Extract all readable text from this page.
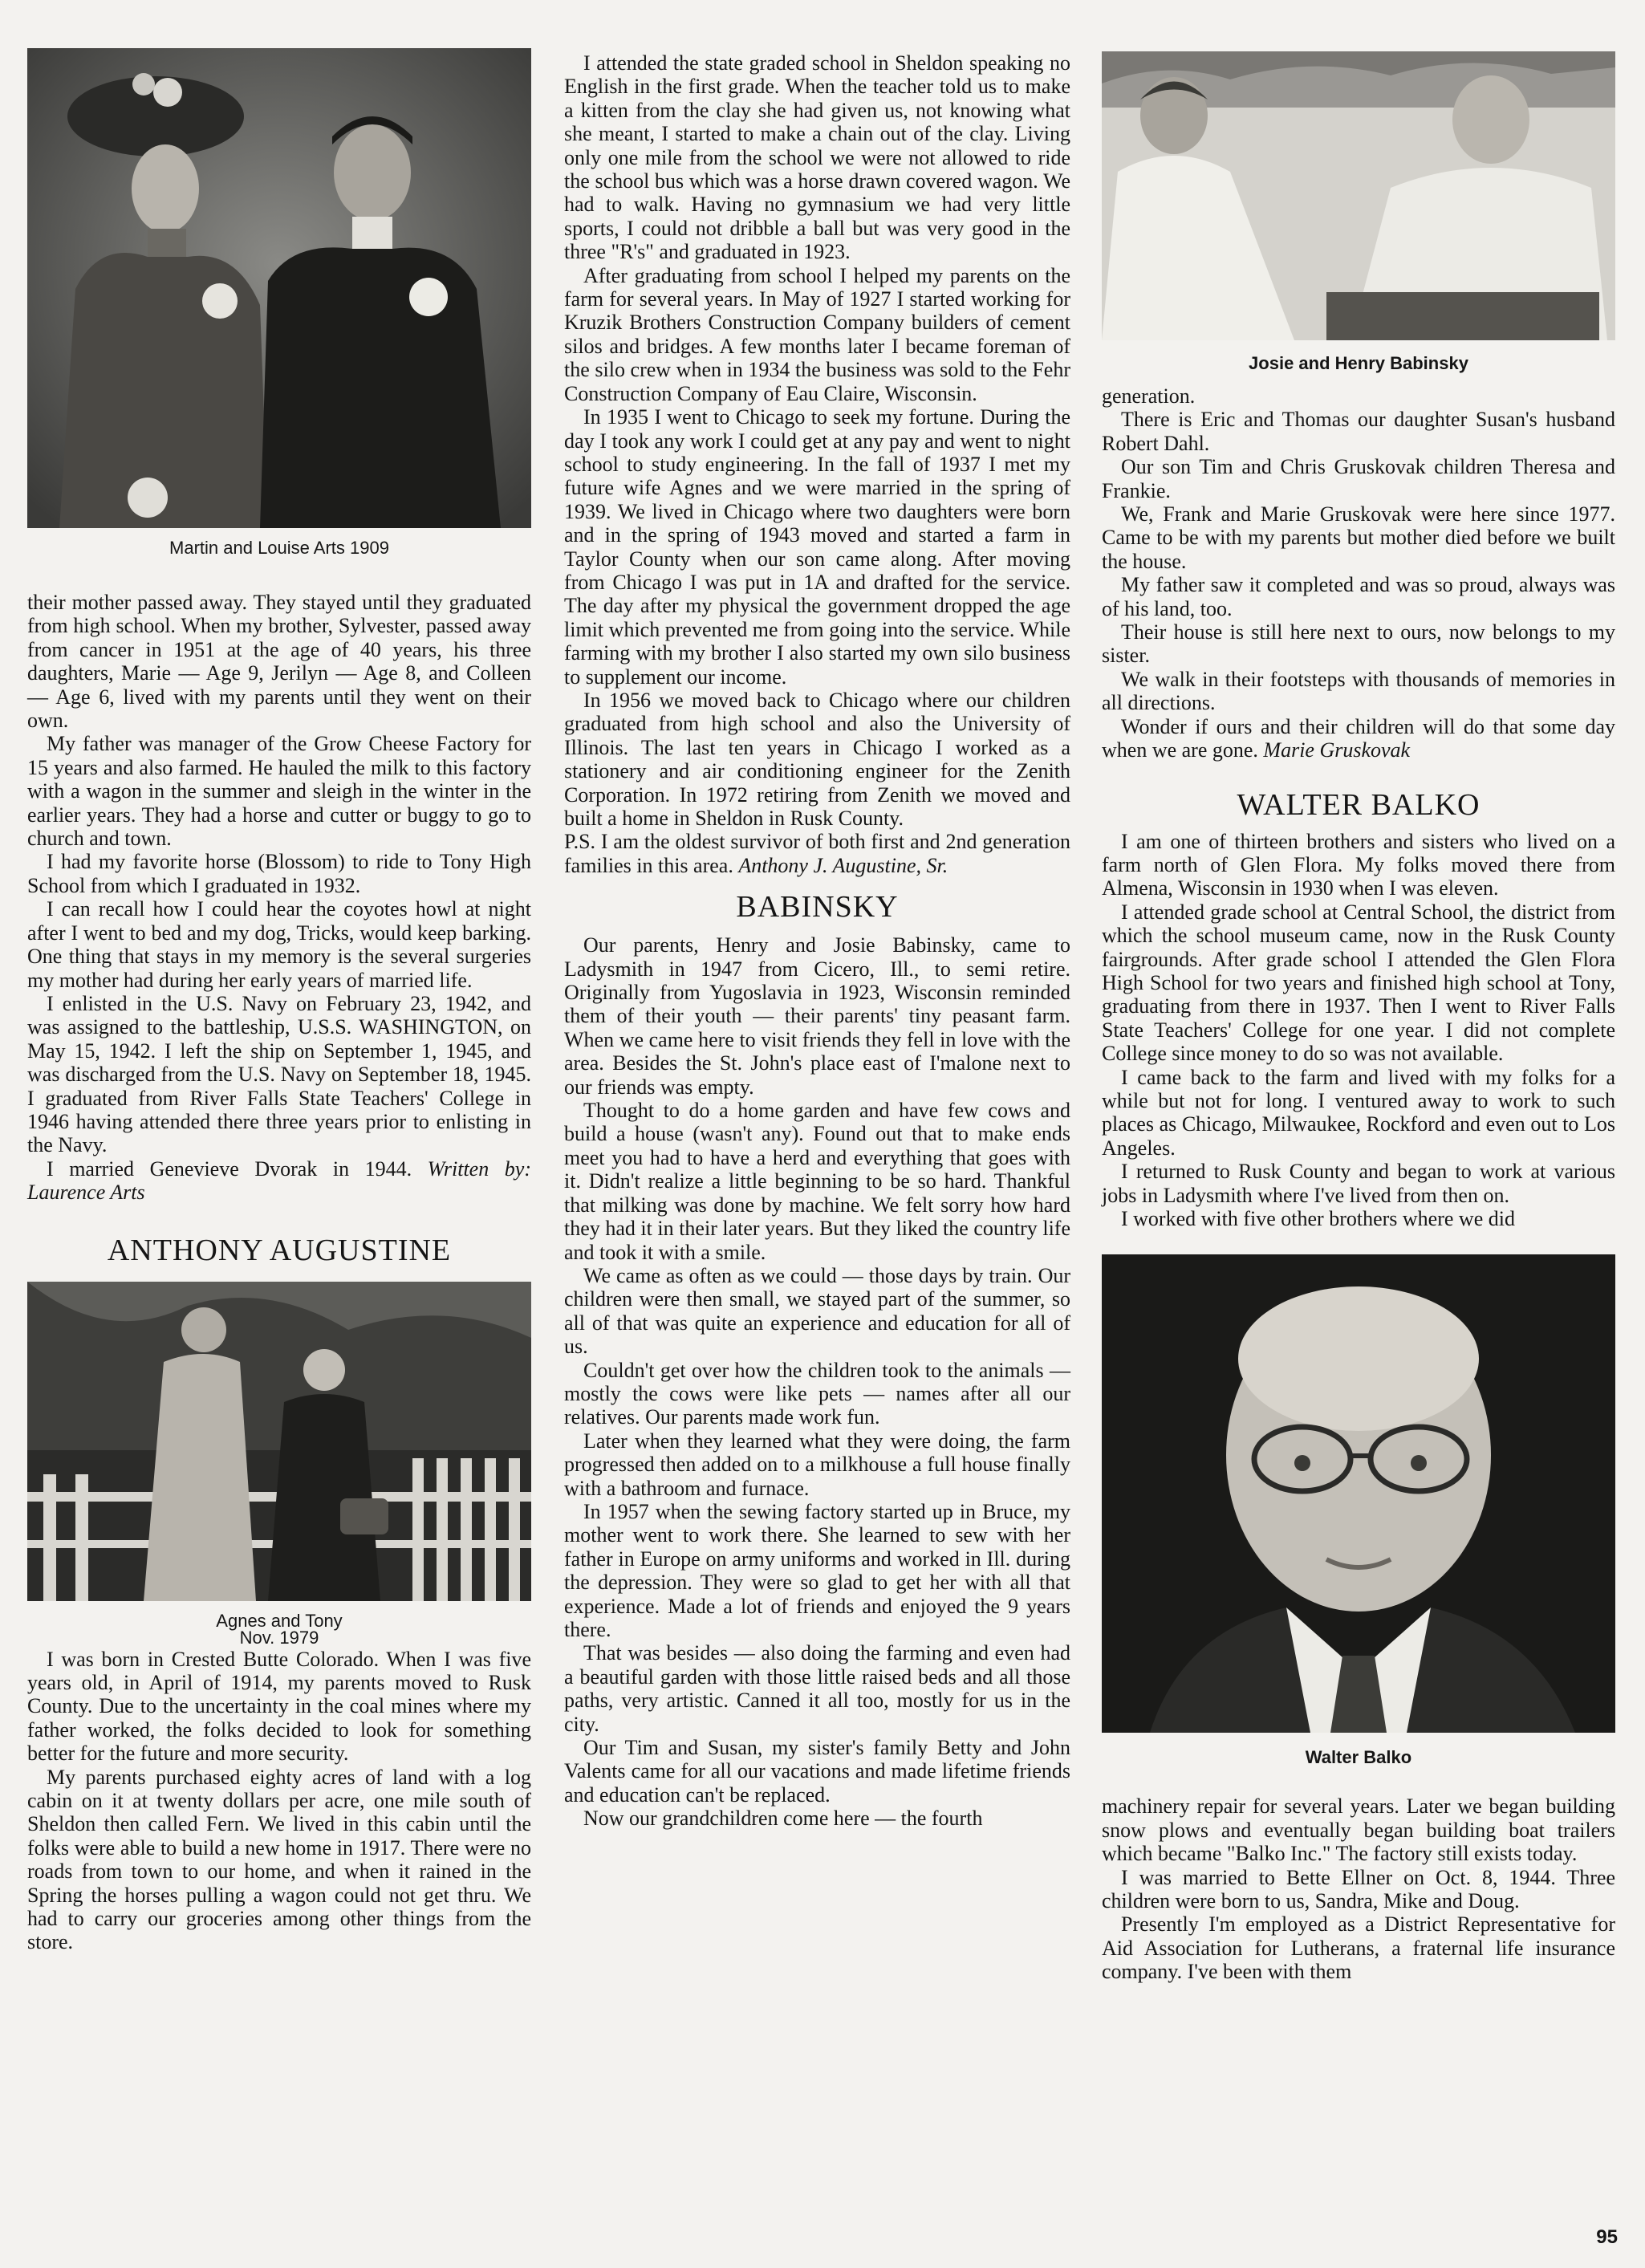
Martin and Louise Arts 1909

their mother passed away. They stayed until they graduated from high school. When my brother, Sylvester, passed away from cancer in 1951 at the age of 40 years, his three daughters, Marie — Age 9, Jerilyn — Age 8, and Colleen — Age 6, lived with my parents until they went on their own.

My father was manager of the Grow Cheese Factory for 15 years and also farmed. He hauled the milk to this factory with a wagon in the summer and sleigh in the winter in the earlier years. They had a horse and cutter or buggy to go to church and town.

I had my favorite horse (Blossom) to ride to Tony High School from which I graduated in 1932.

I can recall how I could hear the coyotes howl at night after I went to bed and my dog, Tricks, would keep barking. One thing that stays in my memory is the several surgeries my mother had during her early years of married life.

I enlisted in the U.S. Navy on February 23, 1942, and was assigned to the battleship, U.S.S. WASHINGTON, on May 15, 1942. I left the ship on September 1, 1945, and was discharged from the U.S. Navy on September 18, 1945. I graduated from River Falls State Teachers' College in 1946 having attended there three years prior to enlisting in the Navy.

I married Genevieve Dvorak in 1944. Written by: Laurence Arts

ANTHONY AUGUSTINE
Agnes and Tony
Nov. 1979

I was born in Crested Butte Colorado. When I was five years old, in April of 1914, my parents moved to Rusk County. Due to the uncertainty in the coal mines where my father worked, the folks decided to look for something better for the future and more security.

My parents purchased eighty acres of land with a log cabin on it at twenty dollars per acre, one mile south of Sheldon then called Fern. We lived in this cabin until the folks were able to build a new home in 1917. There were no roads from town to our home, and when it rained in the Spring the horses pulling a wagon could not get thru. We had to carry our groceries among other things from the store.

I attended the state graded school in Sheldon speaking no English in the first grade. When the teacher told us to make a kitten from the clay she had given us, not knowing what she meant, I started to make a chain out of the clay. Living only one mile from the school we were not allowed to ride the school bus which was a horse drawn covered wagon. We had to walk. Having no gymnasium we had very little sports, I could not dribble a ball but was very good in the three "R's" and graduated in 1923.

After graduating from school I helped my parents on the farm for several years. In May of 1927 I started working for Kruzik Brothers Construction Company builders of cement silos and bridges. A few months later I became foreman of the silo crew when in 1934 the business was sold to the Fehr Construction Company of Eau Claire, Wisconsin.

In 1935 I went to Chicago to seek my fortune. During the day I took any work I could get at any pay and went to night school to study engineering. In the fall of 1937 I met my future wife Agnes and we were married in the spring of 1939. We lived in Chicago where two daughters were born and in the spring of 1943 moved and started a farm in Taylor County when our son came along. After moving from Chicago I was put in 1A and drafted for the service. The day after my physical the government dropped the age limit which prevented me from going into the service. While farming with my brother I also started my own silo business to supplement our income.

In 1956 we moved back to Chicago where our children graduated from high school and also the University of Illinois. The last ten years in Chicago I worked as a stationery and air conditioning engineer for the Zenith Corporation. In 1972 retiring from Zenith we moved and built a home in Sheldon in Rusk County.

P.S. I am the oldest survivor of both first and 2nd generation families in this area. Anthony J. Augustine, Sr.

BABINSKY

Our parents, Henry and Josie Babinsky, came to Ladysmith in 1947 from Cicero, Ill., to semi retire. Originally from Yugoslavia in 1923, Wisconsin reminded them of their youth — their parents' tiny peasant farm. When we came here to visit friends they fell in love with the area. Besides the St. John's place east of I'malone next to our friends was empty.

Thought to do a home garden and have few cows and build a house (wasn't any). Found out that to make ends meet you had to have a herd and everything that goes with it. Didn't realize a little beginning to be so hard. Thankful that milking was done by machine. We felt sorry how hard they had it in their later years. But they liked the country life and took it with a smile.

We came as often as we could — those days by train. Our children were then small, we stayed part of the summer, so all of that was quite an experience and education for all of us.

Couldn't get over how the children took to the animals — mostly the cows were like pets — names after all our relatives. Our parents made work fun.

Later when they learned what they were doing, the farm progressed then added on to a milkhouse a full house finally with a bathroom and furnace.

In 1957 when the sewing factory started up in Bruce, my mother went to work there. She learned to sew with her father in Europe on army uniforms and worked in Ill. during the depression. They were so glad to get her with all that experience. Made a lot of friends and enjoyed the 9 years there.

That was besides — also doing the farming and even had a beautiful garden with those little raised beds and all those paths, very artistic. Canned it all too, mostly for us in the city.

Our Tim and Susan, my sister's family Betty and John Valents came for all our vacations and made lifetime friends and education can't be replaced.

Now our grandchildren come here — the fourth

Josie and Henry Babinsky

generation.

There is Eric and Thomas our daughter Susan's husband Robert Dahl.

Our son Tim and Chris Gruskovak children Theresa and Frankie.

We, Frank and Marie Gruskovak were here since 1977. Came to be with my parents but mother died before we built the house.

My father saw it completed and was so proud, always was of his land, too.

Their house is still here next to ours, now belongs to my sister.

We walk in their footsteps with thousands of memories in all directions.

Wonder if ours and their children will do that some day when we are gone. Marie Gruskovak

WALTER BALKO

I am one of thirteen brothers and sisters who lived on a farm north of Glen Flora. My folks moved there from Almena, Wisconsin in 1930 when I was eleven.

I attended grade school at Central School, the district from which the school museum came, now in the Rusk County fairgrounds. After grade school I attended the Glen Flora High School for two years and finished high school at Tony, graduating from there in 1937. Then I went to River Falls State Teachers' College for one year. I did not complete College since money to do so was not available.

I came back to the farm and lived with my folks for a while but not for long. I ventured away to work to such places as Chicago, Milwaukee, Rockford and even out to Los Angeles.

I returned to Rusk County and began to work at various jobs in Ladysmith where I've lived from then on.

I worked with five other brothers where we did

Walter Balko

machinery repair for several years. Later we began building snow plows and eventually began building boat trailers which became "Balko Inc." The factory still exists today.

I was married to Bette Ellner on Oct. 8, 1944. Three children were born to us, Sandra, Mike and Doug.

Presently I'm employed as a District Representative for Aid Association for Lutherans, a fraternal life insurance company. I've been with them

95
